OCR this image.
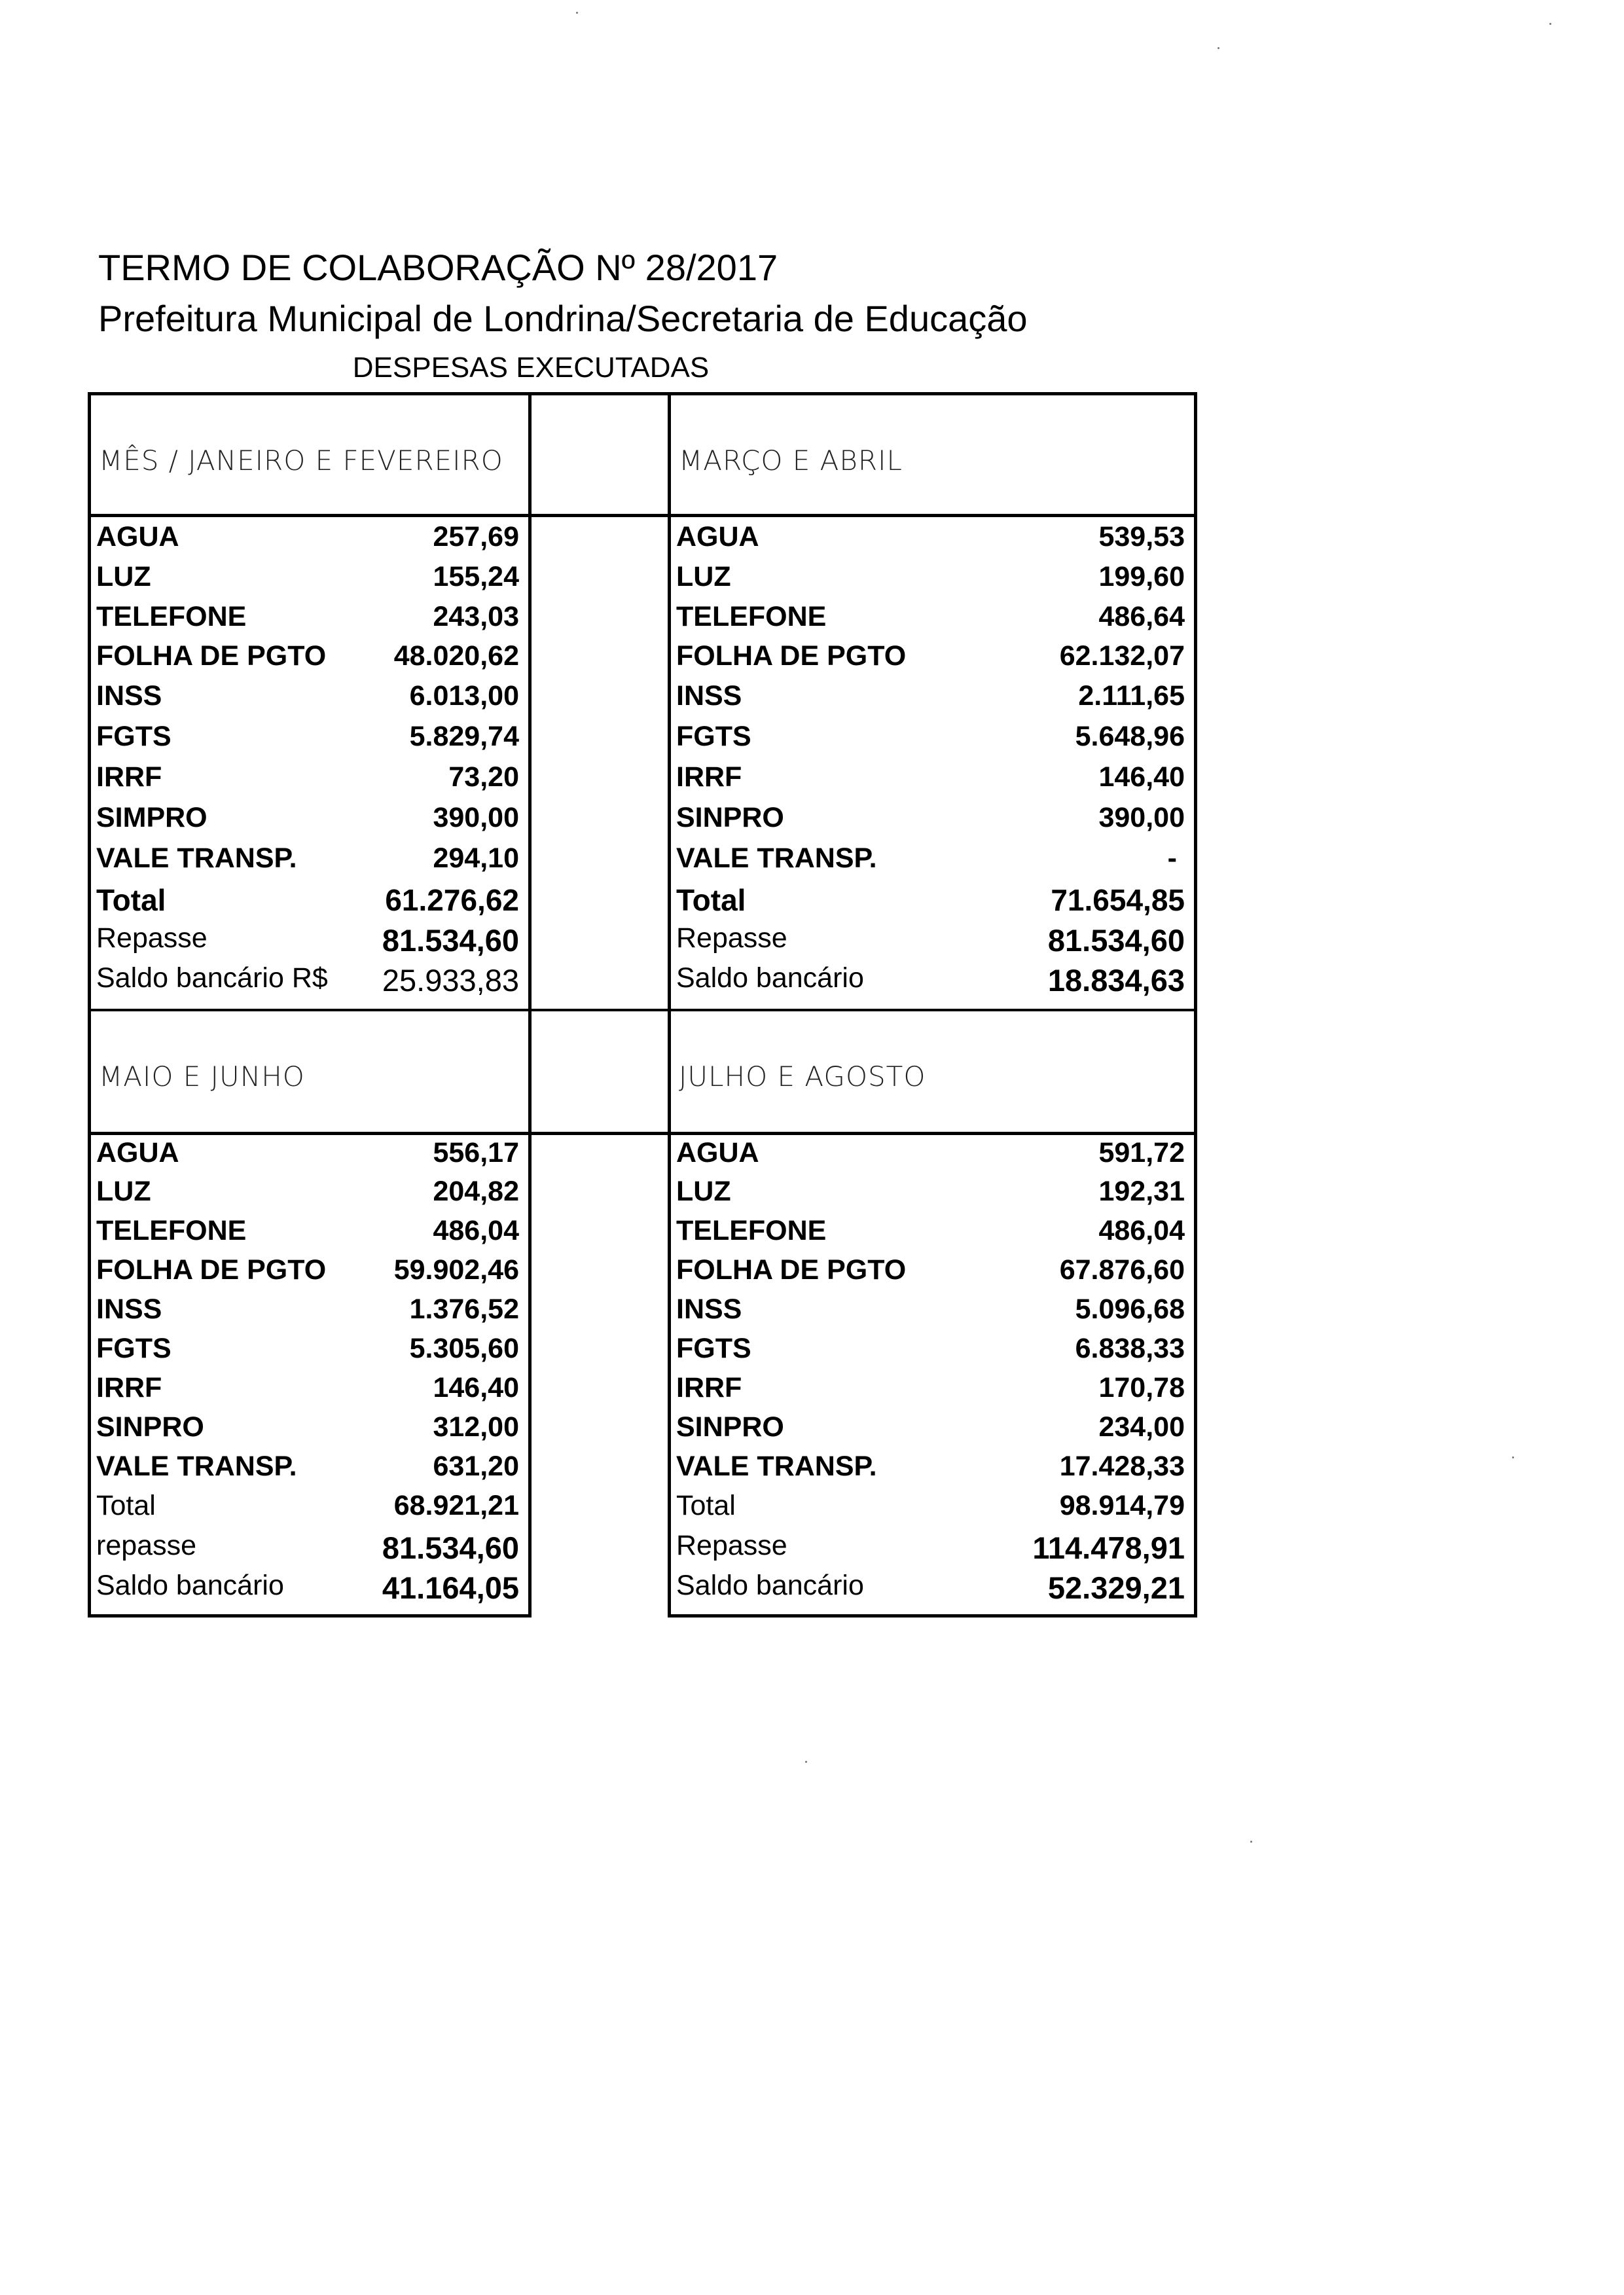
TERMO DE COLABORAÇÃO Nº 28/2017
Prefeitura Municipal de Londrina/Secretaria de Educação
DESPESAS EXECUTADAS
MÊS / JANEIRO E FEVEREIRO
AGUA	257,69
LUZ	155,24
TELEFONE	243,03
FOLHA DE PGTO 48.020,62
INSS	6.013,00
FGTS	5.829,74
IRRF	73,20
SIMPRO	390,00
VALE TRANSP.	294,10
Total	61.276,62
Repasse	81.534,60
Saldo bancário R$ 25.933,83
MARÇO E ABRIL
AGUA	539,53
LUZ	199,60
TELEFONE	486,64
FOLHA DE PGTO	62.132,07
INSS	2.111,65
FGTS	5.648,96
IRRF	146,40
SINPRO	390,00
VALE TRANSP.	-
Total	71.654,85
Repasse	81.534,60
Saldo bancário	18.834,63
MAIO E JUNHO
AGUA	556,17
LUZ	204,82
TELEFONE	486,04
FOLHA DE PGTO 59.902,46
INSS	1.376,52
FGTS	5.305,60
IRRF	146,40
SINPRO	312,00
VALE TRANSP.	631,20
Total	68.921,21
repasse	81.534,60
Saldo bancário	41.164,05
JULHO E AGOSTO
AGUA	591,72
LUZ	192,31
TELEFONE	486,04
FOLHA DE PGTO	67.876,60
INSS	5.096,68
FGTS	6.838,33
IRRF	170,78
SINPRO	234,00
VALE TRANSP.	17.428,33
Total	98.914,79
Repasse	114.478,91
Saldo bancário	52.329,21
